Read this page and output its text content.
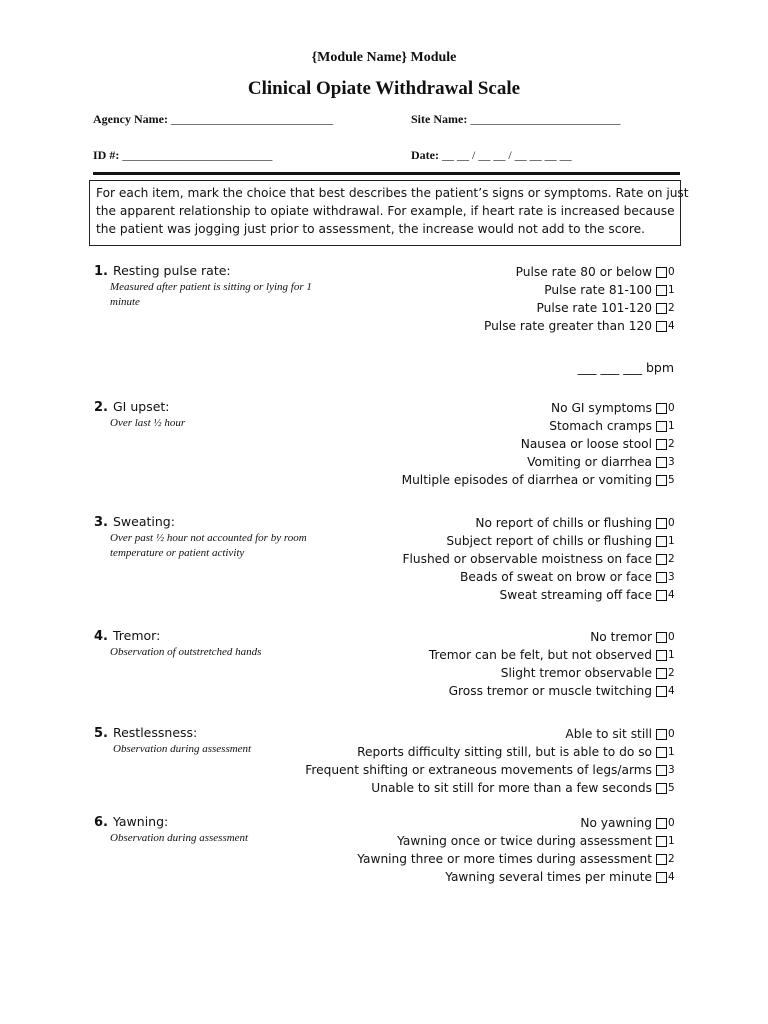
{Module Name} Module
Clinical Opiate Withdrawal Scale
Agency Name: ___________________________	Site Name: _________________________
ID #: _________________________	Date: __ __ / __ __ / __ __ __ __
For each item, mark the choice that best describes the patient’s signs or symptoms. Rate on just
the apparent relationship to opiate withdrawal. For example, if heart rate is increased because
the patient was jogging just prior to assessment, the increase would not add to the score.
1. Resting pulse rate:
Measured after patient is sitting or lying for 1 minute
Pulse rate 80 or below 0
Pulse rate 81-100 1
Pulse rate 101-120 2
Pulse rate greater than 120 4
___ ___ ___ bpm
2. GI upset:
Over last ½ hour
No GI symptoms 0
Stomach cramps 1
Nausea or loose stool 2
Vomiting or diarrhea 3
Multiple episodes of diarrhea or vomiting 5
3. Sweating:
Over past ½ hour not accounted for by room temperature or patient activity
No report of chills or flushing 0
Subject report of chills or flushing 1
Flushed or observable moistness on face 2
Beads of sweat on brow or face 3
Sweat streaming off face 4
4. Tremor:
Observation of outstretched hands
No tremor 0
Tremor can be felt, but not observed 1
Slight tremor observable 2
Gross tremor or muscle twitching 4
5. Restlessness:
Observation during assessment
Able to sit still 0
Reports difficulty sitting still, but is able to do so 1
Frequent shifting or extraneous movements of legs/arms 3
Unable to sit still for more than a few seconds 5
6. Yawning:
Observation during assessment
No yawning 0
Yawning once or twice during assessment 1
Yawning three or more times during assessment 2
Yawning several times per minute 4
